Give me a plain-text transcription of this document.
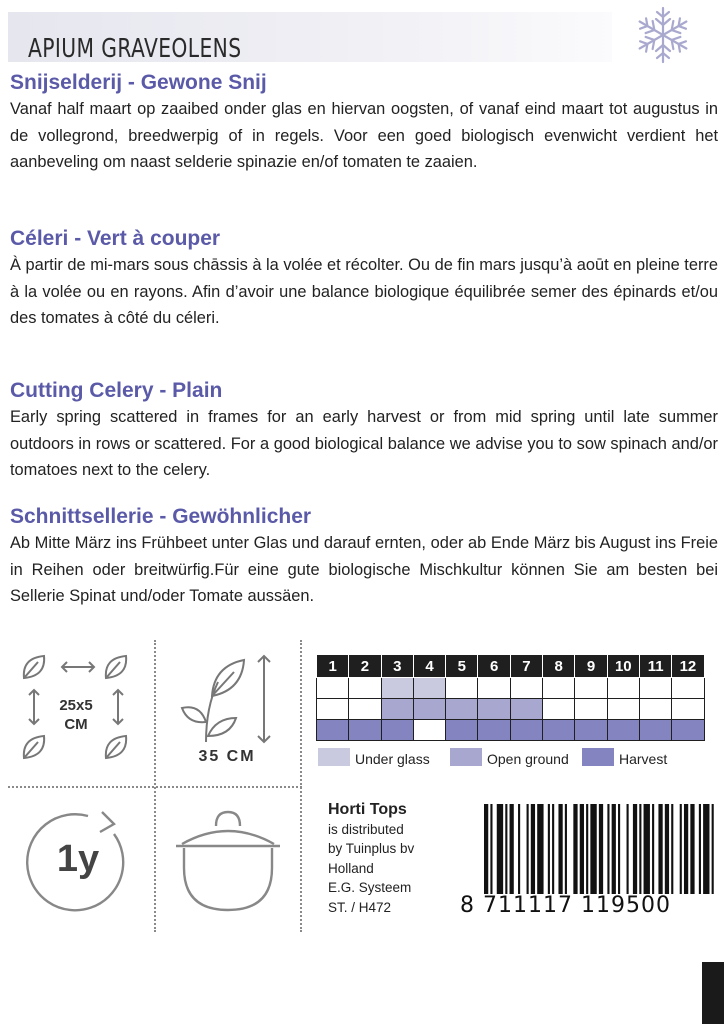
APIUM GRAVEOLENS
Snijselderij - Gewone Snij

Vanaf half maart op zaaibed onder glas en hiervan oogsten, of vanaf eind maart tot augustus in de vollegrond, breedwerpig of in regels. Voor een goed biologisch evenwicht verdient het aanbeveling om naast selderie spinazie en/of tomaten te zaaien.

Céleri - Vert à couper

À partir de mi-mars sous chāssis à la volée et récolter. Ou de fin mars jusqu’à aoūt en pleine terre à la volée ou en rayons. Afin d’avoir une balance biologique équilibrée semer des épinards et/ou des tomates à côté du céleri.

Cutting Celery - Plain

Early spring scattered in frames for an early harvest or from mid spring until late summer outdoors in rows or scattered. For a good biological balance we advise you to sow spinach and/or tomatoes next to the celery.

Schnittsellerie - Gewöhnlicher

Ab Mitte März ins Frühbeet unter Glas und darauf ernten, oder ab Ende März bis August ins Freie in Reihen oder breitwürfig.Für eine gute biologische Mischkultur können Sie am besten bei Sellerie Spinat und/oder Tomate aussäen.

25x5
CM
35 CM
1y
1	2	3	4	5	6	7	8	9	10	11	12

Under glass	Open ground	Harvest
Horti Tops
is distributed
by Tuinplus bv
Holland
E.G. Systeem
ST. / H472	8 711117 119500
